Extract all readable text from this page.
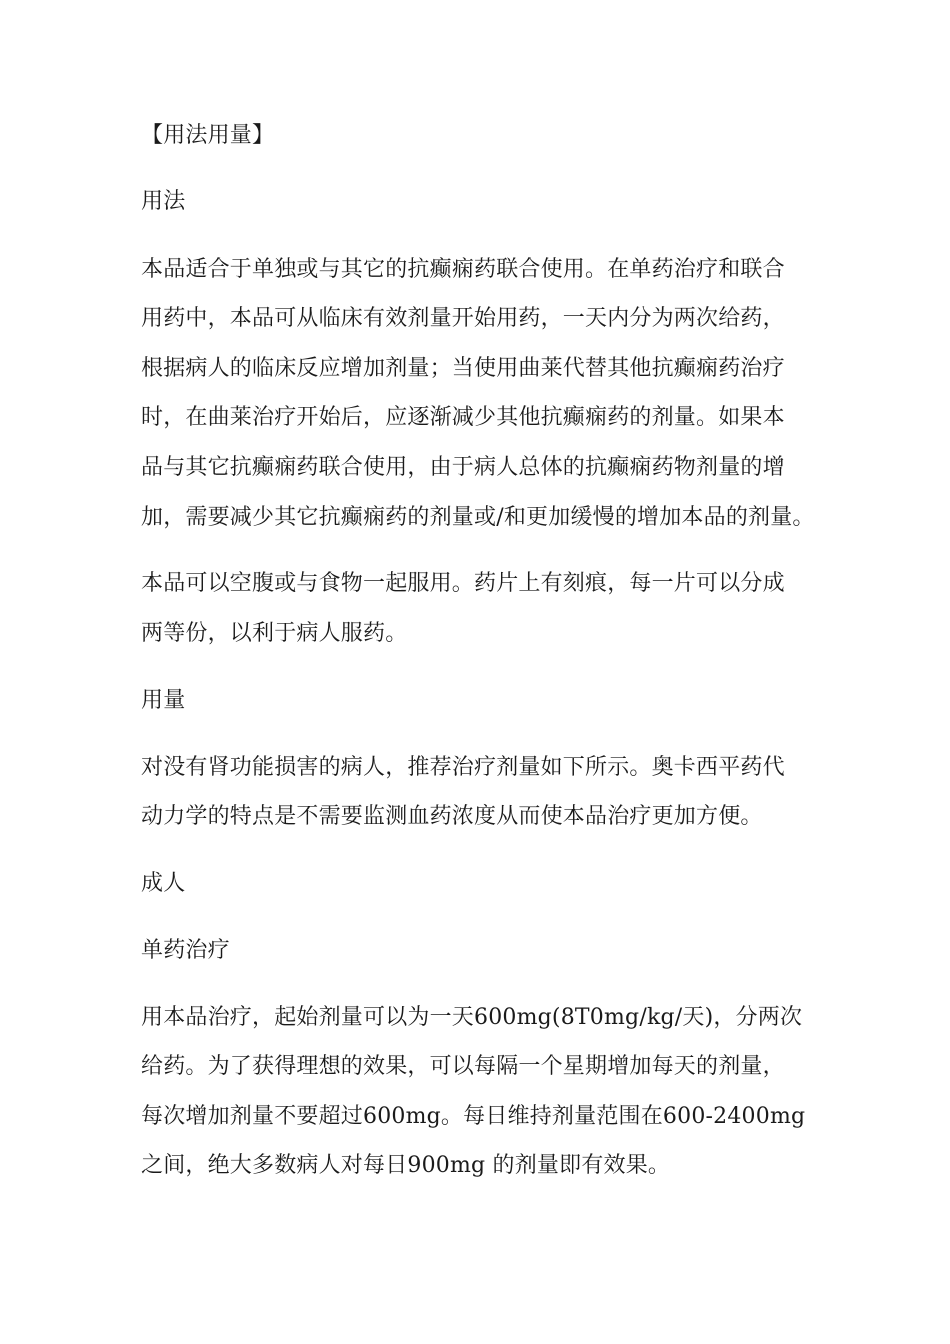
【用法用量】

用法

本品适合于单独或与其它的抗癫痫药联合使用。在单药治疗和联合

用药中，本品可从临床有效剂量开始用药，一天内分为两次给药，

根据病人的临床反应增加剂量；当使用曲莱代替其他抗癫痫药治疗

时，在曲莱治疗开始后，应逐渐减少其他抗癫痫药的剂量。如果本

品与其它抗癫痫药联合使用，由于病人总体的抗癫痫药物剂量的增

加，需要减少其它抗癫痫药的剂量或/和更加缓慢的增加本品的剂量。

本品可以空腹或与食物一起服用。药片上有刻痕，每一片可以分成

两等份，以利于病人服药。

用量

对没有肾功能损害的病人，推荐治疗剂量如下所示。奥卡西平药代

动力学的特点是不需要监测血药浓度从而使本品治疗更加方便。

成人

单药治疗

用本品治疗，起始剂量可以为一天600mg(8T0mg/kg/天)，分两次

给药。为了获得理想的效果，可以每隔一个星期增加每天的剂量，

每次增加剂量不要超过600mg。每日维持剂量范围在600-2400mg

之间，绝大多数病人对每日900mg 的剂量即有效果。
